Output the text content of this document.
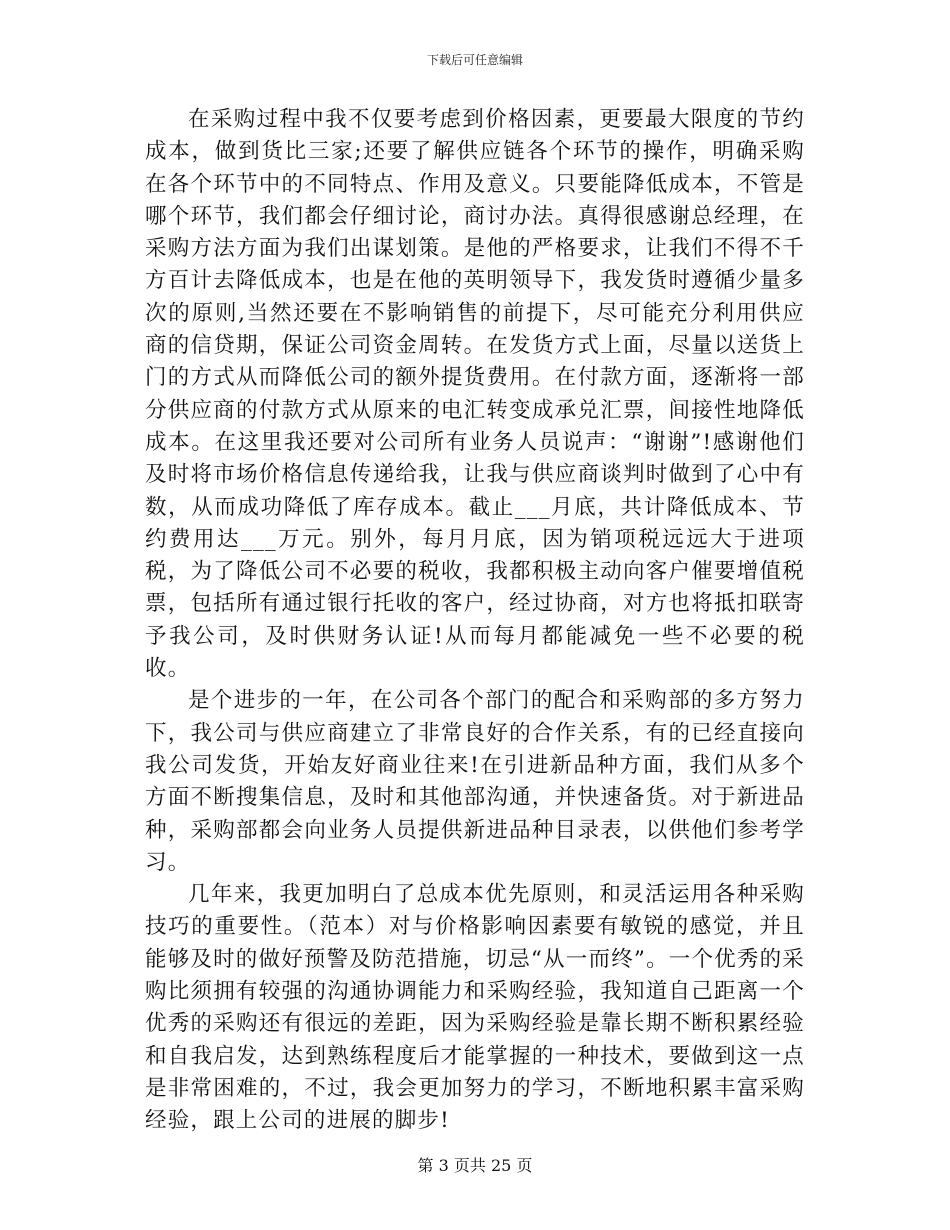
下载后可任意编辑

在采购过程中我不仅要考虑到价格因素，更要最大限度的节约成本，做到货比三家;还要了解供应链各个环节的操作，明确采购在各个环节中的不同特点、作用及意义。只要能降低成本，不管是哪个环节，我们都会仔细讨论，商讨办法。真得很感谢总经理，在采购方法方面为我们出谋划策。是他的严格要求，让我们不得不千方百计去降低成本，也是在他的英明领导下，我发货时遵循少量多次的原则,当然还要在不影响销售的前提下，尽可能充分利用供应商的信贷期，保证公司资金周转。在发货方式上面，尽量以送货上门的方式从而降低公司的额外提货费用。在付款方面，逐渐将一部分供应商的付款方式从原来的电汇转变成承兑汇票，间接性地降低成本。在这里我还要对公司所有业务人员说声：“谢谢”!感谢他们及时将市场价格信息传递给我，让我与供应商谈判时做到了心中有数，从而成功降低了库存成本。截止___月底，共计降低成本、节约费用达___万元。别外，每月月底，因为销项税远远大于进项税，为了降低公司不必要的税收，我都积极主动向客户催要增值税票，包括所有通过银行托收的客户，经过协商，对方也将抵扣联寄予我公司，及时供财务认证!从而每月都能减免一些不必要的税收。

是个进步的一年，在公司各个部门的配合和采购部的多方努力下，我公司与供应商建立了非常良好的合作关系，有的已经直接向我公司发货，开始友好商业往来!在引进新品种方面，我们从多个方面不断搜集信息，及时和其他部沟通，并快速备货。对于新进品种，采购部都会向业务人员提供新进品种目录表，以供他们参考学习。

几年来，我更加明白了总成本优先原则，和灵活运用各种采购技巧的重要性。（范本）对与价格影响因素要有敏锐的感觉，并且能够及时的做好预警及防范措施，切忌“从一而终”。一个优秀的采购比须拥有较强的沟通协调能力和采购经验，我知道自己距离一个优秀的采购还有很远的差距，因为采购经验是靠长期不断积累经验和自我启发，达到熟练程度后才能掌握的一种技术，要做到这一点是非常困难的，不过，我会更加努力的学习，不断地积累丰富采购经验，跟上公司的进展的脚步!

第 3 页共 25 页
